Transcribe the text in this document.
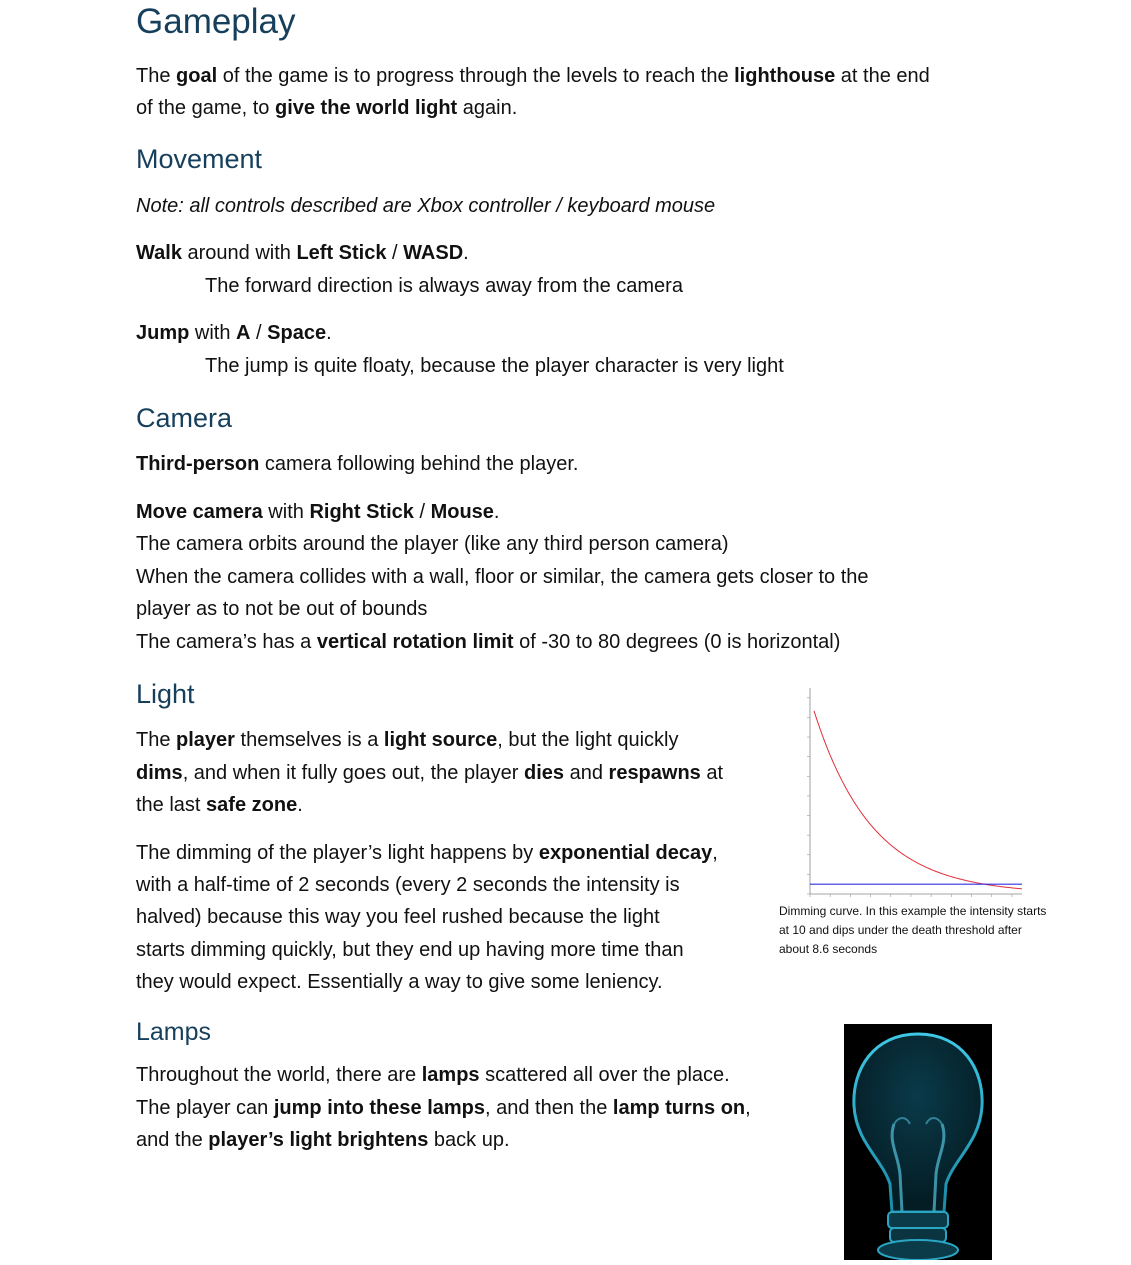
Gameplay

The goal of the game is to progress through the levels to reach the lighthouse at the end

of the game, to give the world light again.

Movement

Note: all controls described are Xbox controller / keyboard mouse

Walk around with Left Stick / WASD.

The forward direction is always away from the camera

Jump with A / Space.

The jump is quite floaty, because the player character is very light

Camera

Third-person camera following behind the player.

Move camera with Right Stick / Mouse.

The camera orbits around the player (like any third person camera)

When the camera collides with a wall, floor or similar, the camera gets closer to the

player as to not be out of bounds

The camera’s has a vertical rotation limit of -30 to 80 degrees (0 is horizontal)

Light

The player themselves is a light source, but the light quickly

dims, and when it fully goes out, the player dies and respawns at

the last safe zone.

The dimming of the player’s light happens by exponential decay,

with a half-time of 2 seconds (every 2 seconds the intensity is

halved) because this way you feel rushed because the light

starts dimming quickly, but they end up having more time than

they would expect. Essentially a way to give some leniency.

Dimming curve. In this example the intensity starts
at 10 and dips under the death threshold after
about 8.6 seconds
Lamps

Throughout the world, there are lamps scattered all over the place.

The player can jump into these lamps, and then the lamp turns on,

and the player’s light brightens back up.
